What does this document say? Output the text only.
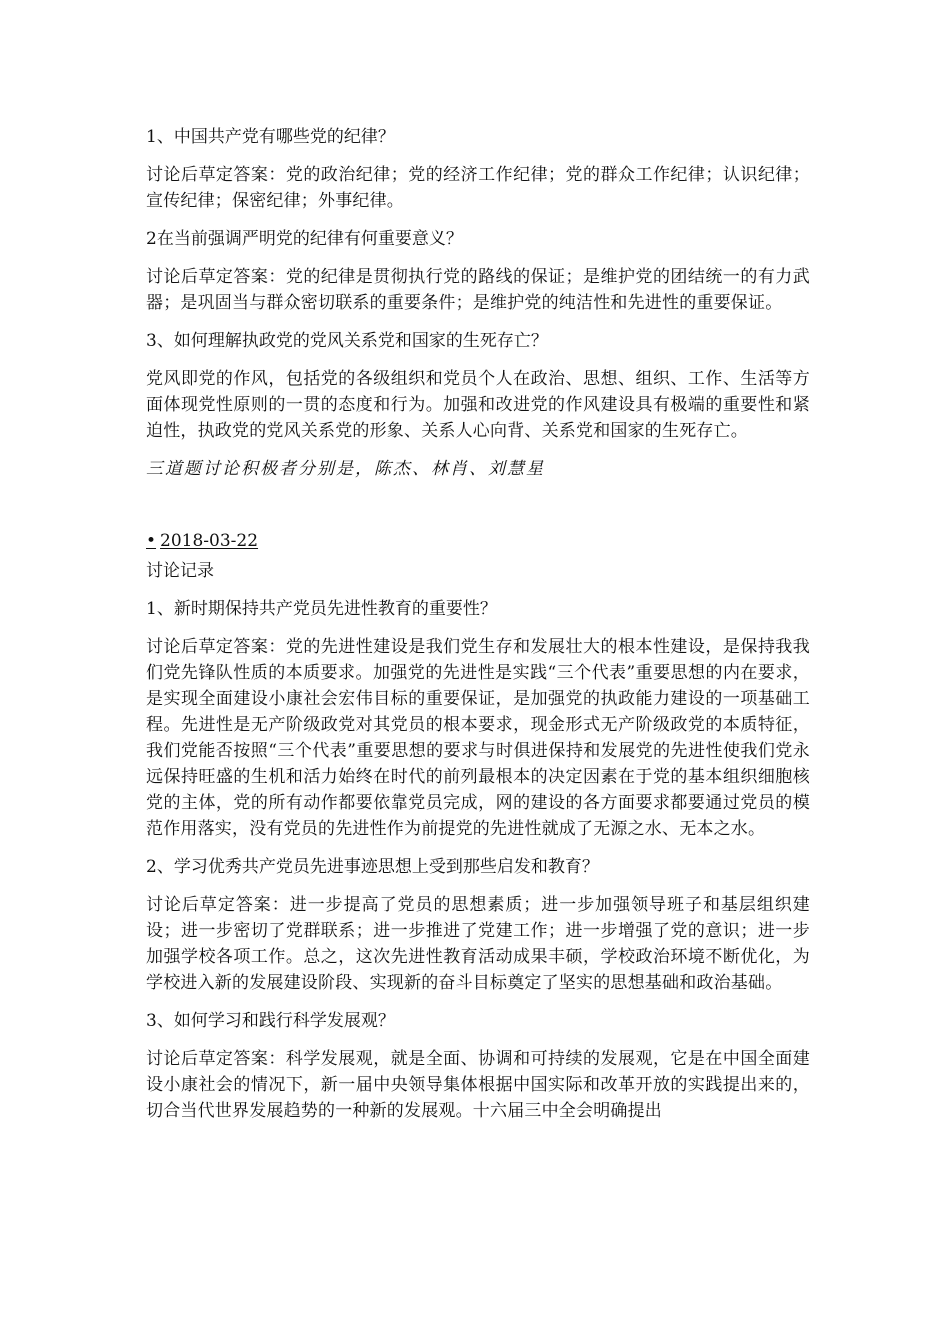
1、中国共产党有哪些党的纪律？
讨论后草定答案：党的政治纪律；党的经济工作纪律；党的群众工作纪律；认识纪律；宣传纪律；保密纪律；外事纪律。
2在当前强调严明党的纪律有何重要意义？
讨论后草定答案：党的纪律是贯彻执行党的路线的保证；是维护党的团结统一的有力武器；是巩固当与群众密切联系的重要条件；是维护党的纯洁性和先进性的重要保证。
3、如何理解执政党的党风关系党和国家的生死存亡？
党风即党的作风，包括党的各级组织和党员个人在政治、思想、组织、工作、生活等方面体现党性原则的一贯的态度和行为。加强和改进党的作风建设具有极端的重要性和紧迫性，执政党的党风关系党的形象、关系人心向背、关系党和国家的生死存亡。
三道题讨论积极者分别是，陈杰、林肖、刘慧星
• 2018-03-22
讨论记录
1、新时期保持共产党员先进性教育的重要性？
讨论后草定答案：党的先进性建设是我们党生存和发展壮大的根本性建设，是保持我我们党先锋队性质的本质要求。加强党的先进性是实践“三个代表”重要思想的内在要求，是实现全面建设小康社会宏伟目标的重要保证，是加强党的执政能力建设的一项基础工程。先进性是无产阶级政党对其党员的根本要求，现金形式无产阶级政党的本质特征，我们党能否按照“三个代表”重要思想的要求与时俱进保持和发展党的先进性使我们党永远保持旺盛的生机和活力始终在时代的前列最根本的决定因素在于党的基本组织细胞核党的主体，党的所有动作都要依靠党员完成，网的建设的各方面要求都要通过党员的模范作用落实，没有党员的先进性作为前提党的先进性就成了无源之水、无本之水。
2、学习优秀共产党员先进事迹思想上受到那些启发和教育？
讨论后草定答案：进一步提高了党员的思想素质；进一步加强领导班子和基层组织建设；进一步密切了党群联系；进一步推进了党建工作；进一步增强了党的意识；进一步加强学校各项工作。总之，这次先进性教育活动成果丰硕，学校政治环境不断优化，为学校进入新的发展建设阶段、实现新的奋斗目标奠定了坚实的思想基础和政治基础。
3、如何学习和践行科学发展观？
讨论后草定答案：科学发展观，就是全面、协调和可持续的发展观，它是在中国全面建设小康社会的情况下，新一届中央领导集体根据中国实际和改革开放的实践提出来的，切合当代世界发展趋势的一种新的发展观。十六届三中全会明确提出
